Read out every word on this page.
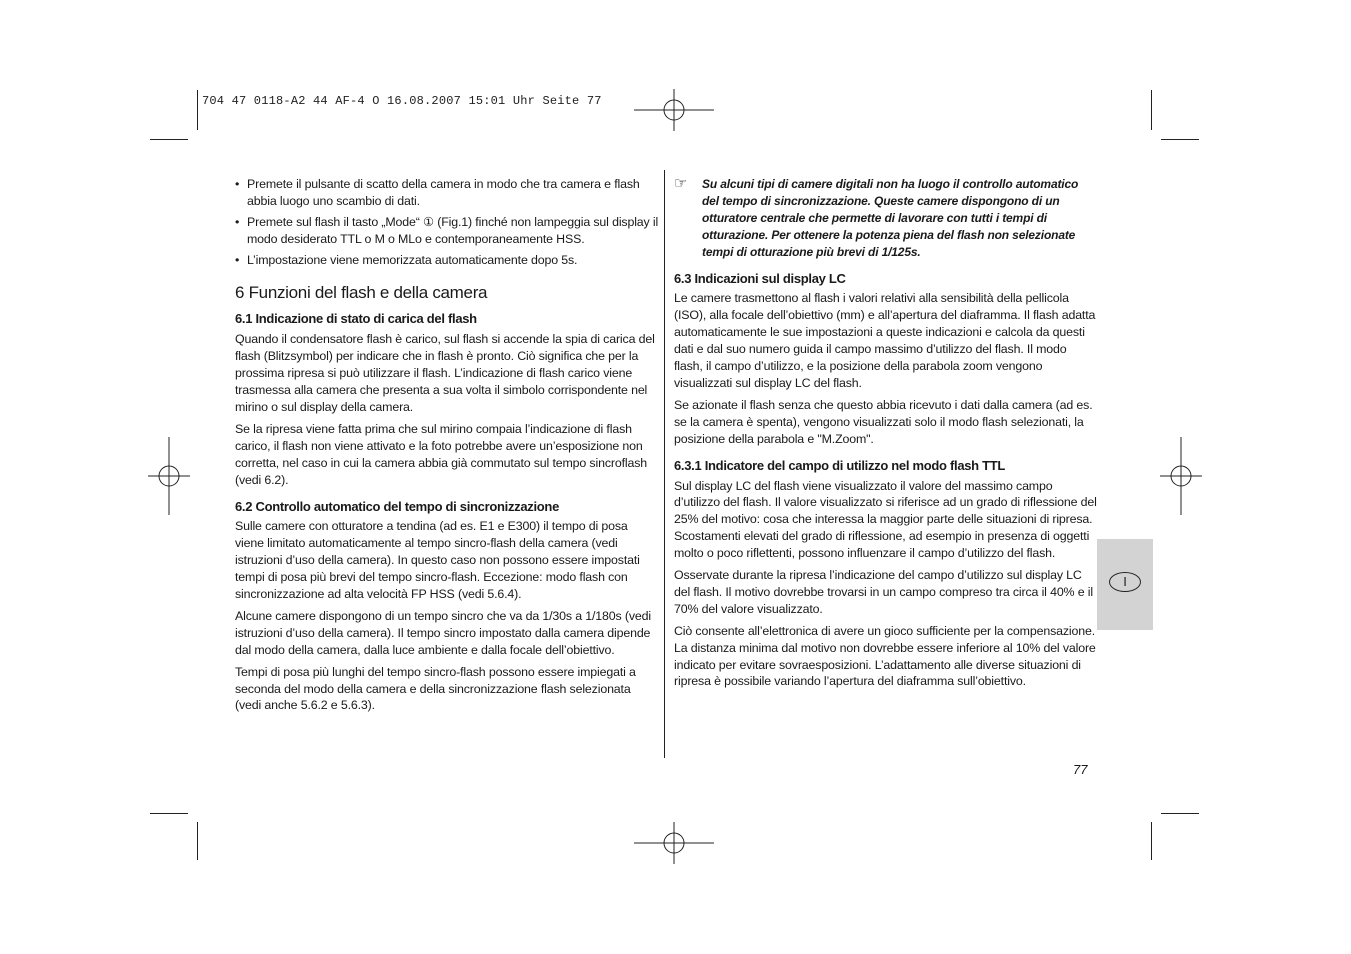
704 47 0118-A2 44 AF-4 O 16.08.2007 15:01 Uhr Seite 77
• Premete il pulsante di scatto della camera in modo che tra camera e flash abbia luogo uno scambio di dati.
• Premete sul flash il tasto „Mode“ ① (Fig.1) finché non lampeggia sul display il modo desiderato TTL o M o MLo e contemporaneamente HSS.
• L’impostazione viene memorizzata automaticamente dopo 5s.
6 Funzioni del flash e della camera
6.1 Indicazione di stato di carica del flash

Quando il condensatore flash è carico, sul flash si accende la spia di carica del flash (Blitzsymbol) per indicare che in flash è pronto. Ciò significa che per la prossima ripresa si può utilizzare il flash. L’indicazione di flash carico viene trasmessa alla camera che presenta a sua volta il simbolo corrispondente nel mirino o sul display della camera.

Se la ripresa viene fatta prima che sul mirino compaia l’indicazione di flash carico, il flash non viene attivato e la foto potrebbe avere un’esposizione non corretta, nel caso in cui la camera abbia già commutato sul tempo sincroflash (vedi 6.2).

6.2 Controllo automatico del tempo di sincronizzazione

Sulle camere con otturatore a tendina (ad es. E1 e E300) il tempo di posa viene limitato automaticamente al tempo sincro-flash della camera (vedi istruzioni d’uso della camera). In questo caso non possono essere impostati tempi di posa più brevi del tempo sincro-flash. Eccezione: modo flash con sincronizzazione ad alta velocità FP HSS (vedi 5.6.4).

Alcune camere dispongono di un tempo sincro che va da 1/30s a 1/180s (vedi istruzioni d’uso della camera). Il tempo sincro impostato dalla camera dipende dal modo della camera, dalla luce ambiente e dalla focale dell’obiettivo.

Tempi di posa più lunghi del tempo sincro-flash possono essere impiegati a seconda del modo della camera e della sincronizzazione flash selezionata (vedi anche 5.6.2 e 5.6.3).

☞	Su alcuni tipi di camere digitali non ha luogo il controllo automatico del tempo di sincronizzazione. Queste camere dispongono di un otturatore centrale che permette di lavorare con tutti i tempi di otturazione. Per ottenere la potenza piena del flash non selezionate tempi di otturazione più brevi di 1/125s.
6.3 Indicazioni sul display LC

Le camere trasmettono al flash i valori relativi alla sensibilità della pellicola (ISO), alla focale dell’obiettivo (mm) e all’apertura del diaframma. Il flash adatta automaticamente le sue impostazioni a queste indicazioni e calcola da questi dati e dal suo numero guida il campo massimo d’utilizzo del flash. Il modo flash, il campo d’utilizzo, e la posizione della parabola zoom vengono visualizzati sul display LC del flash.

Se azionate il flash senza che questo abbia ricevuto i dati dalla camera (ad es. se la camera è spenta), vengono visualizzati solo il modo flash selezionati, la posizione della parabola e "M.Zoom".

6.3.1 Indicatore del campo di utilizzo nel modo flash TTL

Sul display LC del flash viene visualizzato il valore del massimo campo d’utilizzo del flash. Il valore visualizzato si riferisce ad un grado di riflessione del 25% del motivo: cosa che interessa la maggior parte delle situazioni di ripresa. Scostamenti elevati del grado di riflessione, ad esempio in presenza di oggetti molto o poco riflettenti, possono influenzare il campo d’utilizzo del flash.

Osservate durante la ripresa l’indicazione del campo d’utilizzo sul display LC del flash. Il motivo dovrebbe trovarsi in un campo compreso tra circa il 40% e il 70% del valore visualizzato.

Ciò consente all’elettronica di avere un gioco sufficiente per la compensazione. La distanza minima dal motivo non dovrebbe essere inferiore al 10% del valore indicato per evitare sovraesposizioni. L’adattamento alle diverse situazioni di ripresa è possibile variando l’apertura del diaframma sull’obiettivo.

I
77
